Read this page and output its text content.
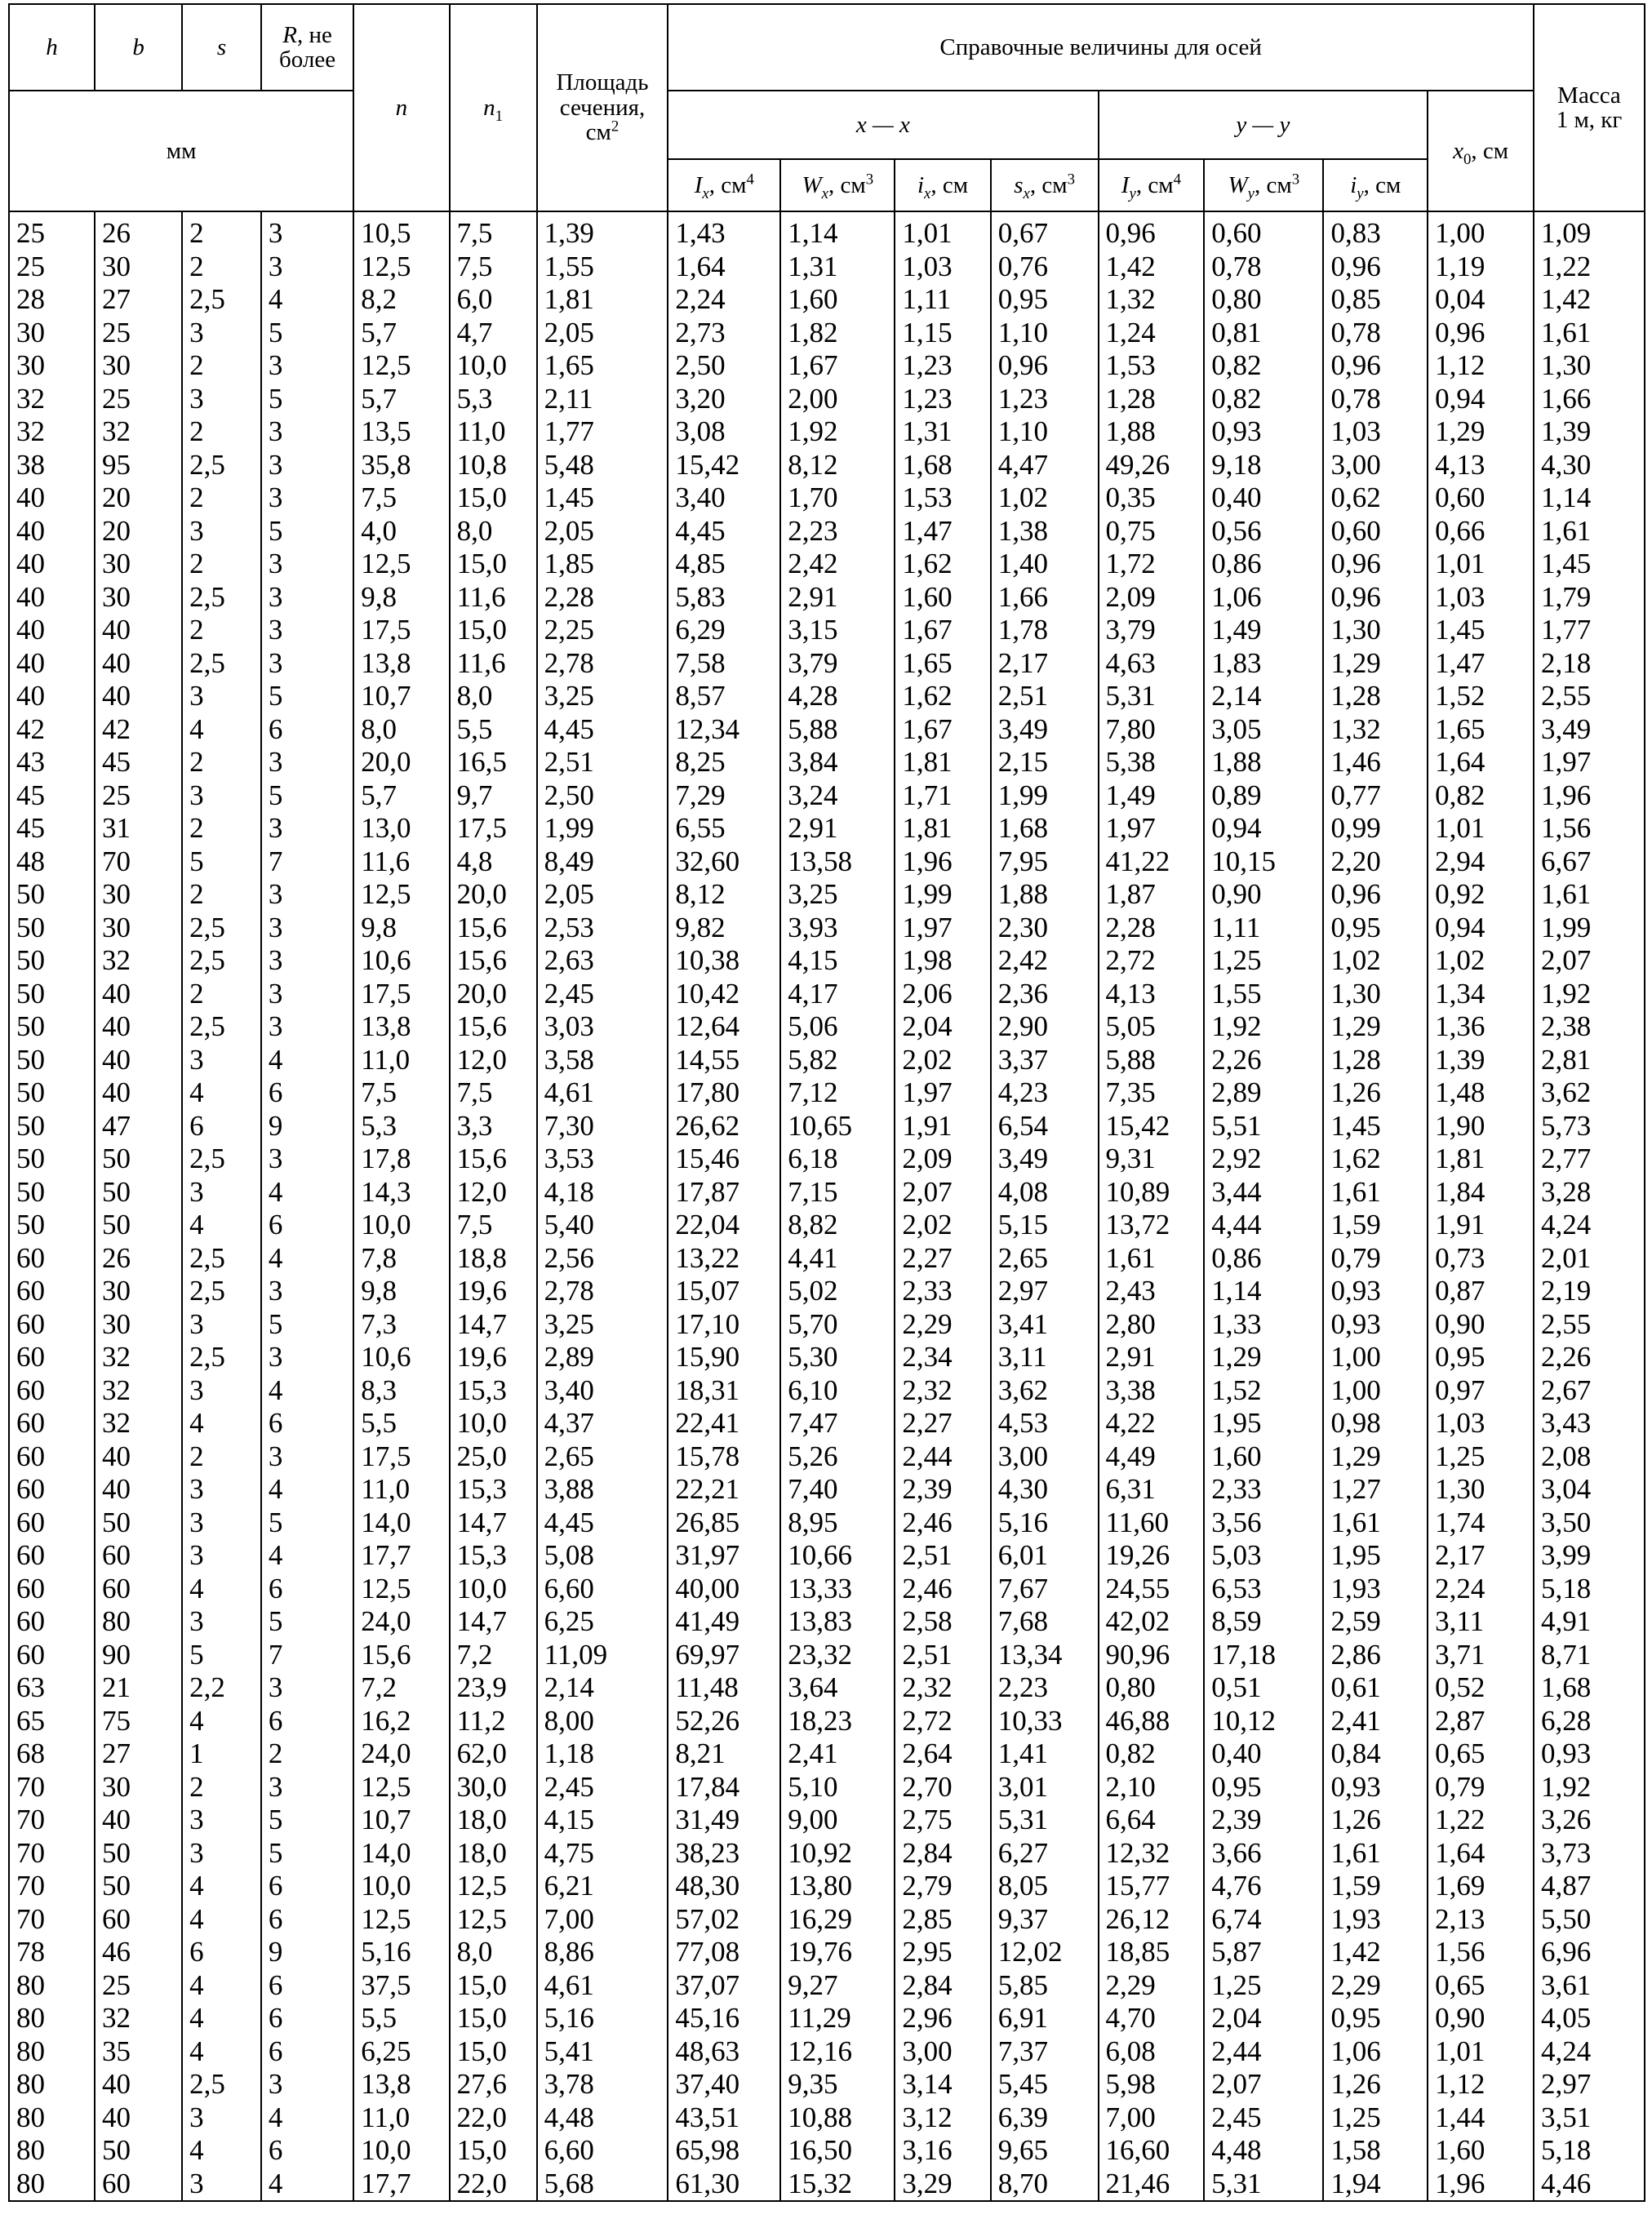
h	b	s	R, не более	n	$n_1$	Площадь
сечения,
$см^2$	Справочные величины для осей								Масса
1 м, кг
мм							x — x				y — y			$x_0$, см	
							$I_x$, $см^4$	$W_x$, $см^3$	$i_x$, см	$s_x$, $см^3$	$I_y$, $см^4$	$W_y$, $см^3$	$i_y$, см		
25	26	2	3	10,5	7,5	1,39	1,43	1,14	1,01	0,67	0,96	0,60	0,83	1,00	1,09
25	30	2	3	12,5	7,5	1,55	1,64	1,31	1,03	0,76	1,42	0,78	0,96	1,19	1,22
28	27	2,5	4	8,2	6,0	1,81	2,24	1,60	1,11	0,95	1,32	0,80	0,85	0,04	1,42
30	25	3	5	5,7	4,7	2,05	2,73	1,82	1,15	1,10	1,24	0,81	0,78	0,96	1,61
30	30	2	3	12,5	10,0	1,65	2,50	1,67	1,23	0,96	1,53	0,82	0,96	1,12	1,30
32	25	3	5	5,7	5,3	2,11	3,20	2,00	1,23	1,23	1,28	0,82	0,78	0,94	1,66
32	32	2	3	13,5	11,0	1,77	3,08	1,92	1,31	1,10	1,88	0,93	1,03	1,29	1,39
38	95	2,5	3	35,8	10,8	5,48	15,42	8,12	1,68	4,47	49,26	9,18	3,00	4,13	4,30
40	20	2	3	7,5	15,0	1,45	3,40	1,70	1,53	1,02	0,35	0,40	0,62	0,60	1,14
40	20	3	5	4,0	8,0	2,05	4,45	2,23	1,47	1,38	0,75	0,56	0,60	0,66	1,61
40	30	2	3	12,5	15,0	1,85	4,85	2,42	1,62	1,40	1,72	0,86	0,96	1,01	1,45
40	30	2,5	3	9,8	11,6	2,28	5,83	2,91	1,60	1,66	2,09	1,06	0,96	1,03	1,79
40	40	2	3	17,5	15,0	2,25	6,29	3,15	1,67	1,78	3,79	1,49	1,30	1,45	1,77
40	40	2,5	3	13,8	11,6	2,78	7,58	3,79	1,65	2,17	4,63	1,83	1,29	1,47	2,18
40	40	3	5	10,7	8,0	3,25	8,57	4,28	1,62	2,51	5,31	2,14	1,28	1,52	2,55
42	42	4	6	8,0	5,5	4,45	12,34	5,88	1,67	3,49	7,80	3,05	1,32	1,65	3,49
43	45	2	3	20,0	16,5	2,51	8,25	3,84	1,81	2,15	5,38	1,88	1,46	1,64	1,97
45	25	3	5	5,7	9,7	2,50	7,29	3,24	1,71	1,99	1,49	0,89	0,77	0,82	1,96
45	31	2	3	13,0	17,5	1,99	6,55	2,91	1,81	1,68	1,97	0,94	0,99	1,01	1,56
48	70	5	7	11,6	4,8	8,49	32,60	13,58	1,96	7,95	41,22	10,15	2,20	2,94	6,67
50	30	2	3	12,5	20,0	2,05	8,12	3,25	1,99	1,88	1,87	0,90	0,96	0,92	1,61
50	30	2,5	3	9,8	15,6	2,53	9,82	3,93	1,97	2,30	2,28	1,11	0,95	0,94	1,99
50	32	2,5	3	10,6	15,6	2,63	10,38	4,15	1,98	2,42	2,72	1,25	1,02	1,02	2,07
50	40	2	3	17,5	20,0	2,45	10,42	4,17	2,06	2,36	4,13	1,55	1,30	1,34	1,92
50	40	2,5	3	13,8	15,6	3,03	12,64	5,06	2,04	2,90	5,05	1,92	1,29	1,36	2,38
50	40	3	4	11,0	12,0	3,58	14,55	5,82	2,02	3,37	5,88	2,26	1,28	1,39	2,81
50	40	4	6	7,5	7,5	4,61	17,80	7,12	1,97	4,23	7,35	2,89	1,26	1,48	3,62
50	47	6	9	5,3	3,3	7,30	26,62	10,65	1,91	6,54	15,42	5,51	1,45	1,90	5,73
50	50	2,5	3	17,8	15,6	3,53	15,46	6,18	2,09	3,49	9,31	2,92	1,62	1,81	2,77
50	50	3	4	14,3	12,0	4,18	17,87	7,15	2,07	4,08	10,89	3,44	1,61	1,84	3,28
50	50	4	6	10,0	7,5	5,40	22,04	8,82	2,02	5,15	13,72	4,44	1,59	1,91	4,24
60	26	2,5	4	7,8	18,8	2,56	13,22	4,41	2,27	2,65	1,61	0,86	0,79	0,73	2,01
60	30	2,5	3	9,8	19,6	2,78	15,07	5,02	2,33	2,97	2,43	1,14	0,93	0,87	2,19
60	30	3	5	7,3	14,7	3,25	17,10	5,70	2,29	3,41	2,80	1,33	0,93	0,90	2,55
60	32	2,5	3	10,6	19,6	2,89	15,90	5,30	2,34	3,11	2,91	1,29	1,00	0,95	2,26
60	32	3	4	8,3	15,3	3,40	18,31	6,10	2,32	3,62	3,38	1,52	1,00	0,97	2,67
60	32	4	6	5,5	10,0	4,37	22,41	7,47	2,27	4,53	4,22	1,95	0,98	1,03	3,43
60	40	2	3	17,5	25,0	2,65	15,78	5,26	2,44	3,00	4,49	1,60	1,29	1,25	2,08
60	40	3	4	11,0	15,3	3,88	22,21	7,40	2,39	4,30	6,31	2,33	1,27	1,30	3,04
60	50	3	5	14,0	14,7	4,45	26,85	8,95	2,46	5,16	11,60	3,56	1,61	1,74	3,50
60	60	3	4	17,7	15,3	5,08	31,97	10,66	2,51	6,01	19,26	5,03	1,95	2,17	3,99
60	60	4	6	12,5	10,0	6,60	40,00	13,33	2,46	7,67	24,55	6,53	1,93	2,24	5,18
60	80	3	5	24,0	14,7	6,25	41,49	13,83	2,58	7,68	42,02	8,59	2,59	3,11	4,91
60	90	5	7	15,6	7,2	11,09	69,97	23,32	2,51	13,34	90,96	17,18	2,86	3,71	8,71
63	21	2,2	3	7,2	23,9	2,14	11,48	3,64	2,32	2,23	0,80	0,51	0,61	0,52	1,68
65	75	4	6	16,2	11,2	8,00	52,26	18,23	2,72	10,33	46,88	10,12	2,41	2,87	6,28
68	27	1	2	24,0	62,0	1,18	8,21	2,41	2,64	1,41	0,82	0,40	0,84	0,65	0,93
70	30	2	3	12,5	30,0	2,45	17,84	5,10	2,70	3,01	2,10	0,95	0,93	0,79	1,92
70	40	3	5	10,7	18,0	4,15	31,49	9,00	2,75	5,31	6,64	2,39	1,26	1,22	3,26
70	50	3	5	14,0	18,0	4,75	38,23	10,92	2,84	6,27	12,32	3,66	1,61	1,64	3,73
70	50	4	6	10,0	12,5	6,21	48,30	13,80	2,79	8,05	15,77	4,76	1,59	1,69	4,87
70	60	4	6	12,5	12,5	7,00	57,02	16,29	2,85	9,37	26,12	6,74	1,93	2,13	5,50
78	46	6	9	5,16	8,0	8,86	77,08	19,76	2,95	12,02	18,85	5,87	1,42	1,56	6,96
80	25	4	6	37,5	15,0	4,61	37,07	9,27	2,84	5,85	2,29	1,25	2,29	0,65	3,61
80	32	4	6	5,5	15,0	5,16	45,16	11,29	2,96	6,91	4,70	2,04	0,95	0,90	4,05
80	35	4	6	6,25	15,0	5,41	48,63	12,16	3,00	7,37	6,08	2,44	1,06	1,01	4,24
80	40	2,5	3	13,8	27,6	3,78	37,40	9,35	3,14	5,45	5,98	2,07	1,26	1,12	2,97
80	40	3	4	11,0	22,0	4,48	43,51	10,88	3,12	6,39	7,00	2,45	1,25	1,44	3,51
80	50	4	6	10,0	15,0	6,60	65,98	16,50	3,16	9,65	16,60	4,48	1,58	1,60	5,18
80	60	3	4	17,7	22,0	5,68	61,30	15,32	3,29	8,70	21,46	5,31	1,94	1,96	4,46
